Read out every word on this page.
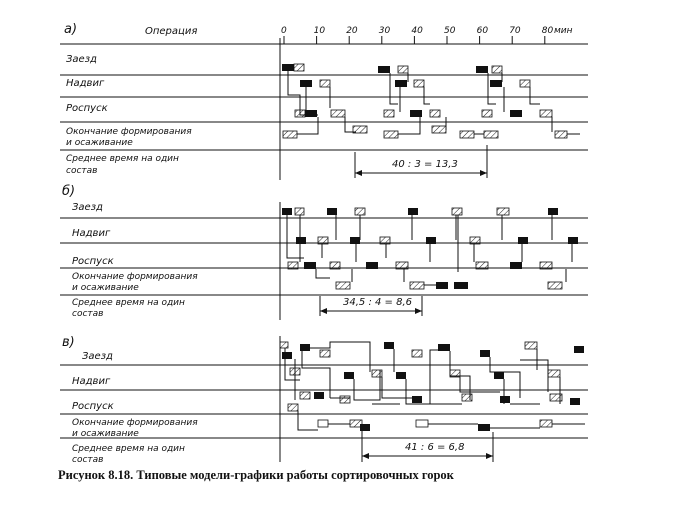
Операция	0	10 20 30 40 50 60 70 80 мин
а)
Заезд
Надвиг
Роспуск
Окончание формирования
и осаживание
Среднее время на один
состав
40 : 3 = 13,3
б)
Заезд
Надвиг
Роспуск
Окончание формирования
и осаживание
Среднее время на один
состав
34,5 : 4 = 8,6
в)
Заезд
Надвиг
Роспуск
Окончание формирования
и осаживание
Среднее время на один
состав
41 : 6 = 6,8
Рисунок 8.18. Типовые модели-графики работы сортировочных горок
